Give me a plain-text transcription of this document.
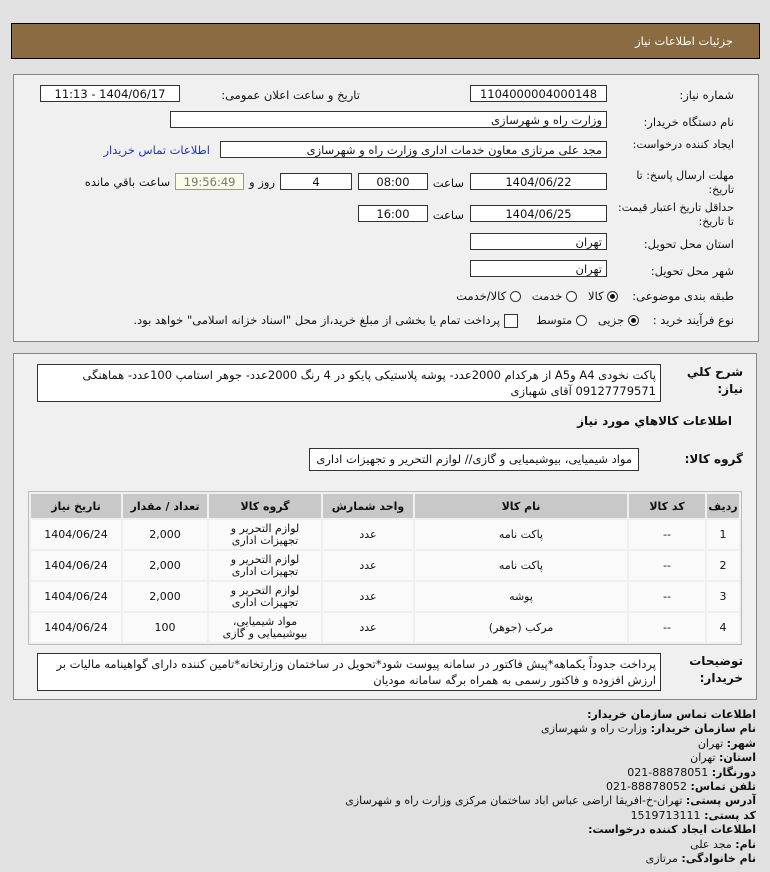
جزئیات اطلاعات نیاز
شماره نیاز:
1104000004000148
تاریخ و ساعت اعلان عمومی:
1404/06/17 - 11:13
نام دستگاه خریدار:
وزارت راه و شهرسازی
ایجاد کننده درخواست:
مجد علی مرتازی معاون خدمات اداری وزارت راه و شهرسازی
اطلاعات تماس خریدار
مهلت ارسال پاسخ: تا تاریخ:
1404/06/22
ساعت
08:00
4
روز و
19:56:49
ساعت باقي مانده
حداقل تاریخ اعتبار قیمت: تا تاریخ:
1404/06/25
ساعت
16:00
استان محل تحویل:
تهران
شهر محل تحویل:
تهران
طبقه بندی موضوعی:
کالا    خدمت    کالا/خدمت
نوع فرآیند خرید :
جزیی    متوسط      پرداخت تمام یا بخشی از مبلغ خرید،از محل "اسناد خزانه اسلامی" خواهد بود.
شرح کلي نیاز:
پاکت نخودی A4 وA5 از هرکدام 2000عدد- پوشه پلاستیکی پایکو در 4 رنگ 2000عدد- جوهر استامپ 100عدد- هماهنگی 09127779571 آقای شهبازی
اطلاعات کالاهاي مورد نیاز
گروه کالا:
مواد شیمیایی، بیوشیمیایی و گازی// لوازم التحریر و تجهیزات اداری
ردیف	کد کالا	نام کالا	واحد شمارش	گروه کالا	تعداد / مقدار	تاریخ نیاز
1	--	پاکت نامه	عدد	لوازم التحریر و تجهیزات اداری	2,000	1404/06/24
2	--	پاکت نامه	عدد	لوازم التحریر و تجهیزات اداری	2,000	1404/06/24
3	--	پوشه	عدد	لوازم التحریر و تجهیزات اداری	2,000	1404/06/24
4	--	مرکب (جوهر)	عدد	مواد شیمیایی، بیوشیمیایی و گازی	100	1404/06/24
توضیحات خریدار:
پرداخت جدوداً یکماهه*پیش فاکتور در سامانه پیوست شود*تحویل در ساختمان وزارتخانه*تامین کننده دارای گواهینامه مالیات بر ارزش افزوده و فاکتور رسمی به همراه برگه سامانه مودیان
اطلاعات تماس سازمان خریدار:
نام سازمان خریدار: وزارت راه و شهرسازی
شهر: تهران
استان: تهران
دورنگار: 88878051-021
تلفن تماس: 88878052-021
آدرس پستی: تهران-خ-افریقا اراضی عباس اباد ساختمان مرکزی وزارت راه و شهرسازی
کد پستی: 1519713111
اطلاعات ایجاد کننده درخواست:
نام: مجد علی
نام خانوادگی: مرتازی
